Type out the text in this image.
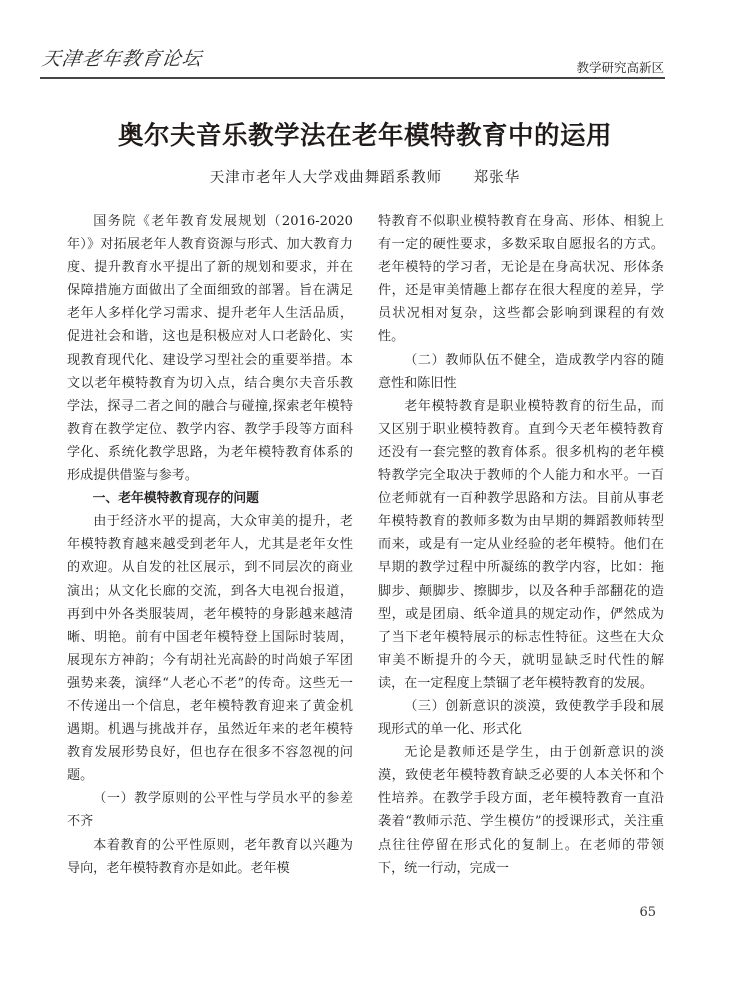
天津老年教育论坛	教学研究高新区
奥尔夫音乐教学法在老年模特教育中的运用
天津市老年人大学戏曲舞蹈系教师 郑张华

国务院《老年教育发展规划（2016-2020年）》对拓展老年人教育资源与形式、加大教育力度、提升教育水平提出了新的规划和要求，并在保障措施方面做出了全面细致的部署。旨在满足老年人多样化学习需求、提升老年人生活品质，促进社会和谐，这也是积极应对人口老龄化、实现教育现代化、建设学习型社会的重要举措。本文以老年模特教育为切入点，结合奥尔夫音乐教学法，探寻二者之间的融合与碰撞,探索老年模特教育在教学定位、教学内容、教学手段等方面科学化、系统化教学思路，为老年模特教育体系的形成提供借鉴与参考。

一、老年模特教育现存的问题

由于经济水平的提高，大众审美的提升，老年模特教育越来越受到老年人，尤其是老年女性的欢迎。从自发的社区展示，到不同层次的商业演出；从文化长廊的交流，到各大电视台报道，再到中外各类服装周，老年模特的身影越来越清晰、明艳。前有中国老年模特登上国际时装周，展现东方神韵；今有胡社光高龄的时尚娘子军团强势来袭，演绎“人老心不老”的传奇。这些无一不传递出一个信息，老年模特教育迎来了黄金机遇期。机遇与挑战并存，虽然近年来的老年模特教育发展形势良好，但也存在很多不容忽视的问题。

（一）教学原则的公平性与学员水平的参差不齐

本着教育的公平性原则，老年教育以兴趣为导向，老年模特教育亦是如此。老年模

特教育不似职业模特教育在身高、形体、相貌上有一定的硬性要求，多数采取自愿报名的方式。老年模特的学习者，无论是在身高状况、形体条件，还是审美情趣上都存在很大程度的差异，学员状况相对复杂，这些都会影响到课程的有效性。

（二）教师队伍不健全，造成教学内容的随意性和陈旧性

老年模特教育是职业模特教育的衍生品，而又区别于职业模特教育。直到今天老年模特教育还没有一套完整的教育体系。很多机构的老年模特教学完全取决于教师的个人能力和水平。一百位老师就有一百种教学思路和方法。目前从事老年模特教育的教师多数为由早期的舞蹈教师转型而来，或是有一定从业经验的老年模特。他们在早期的教学过程中所凝练的教学内容，比如：拖脚步、颠脚步、擦脚步，以及各种手部翻花的造型，或是团扇、纸伞道具的规定动作，俨然成为了当下老年模特展示的标志性特征。这些在大众审美不断提升的今天，就明显缺乏时代性的解读，在一定程度上禁锢了老年模特教育的发展。

（三）创新意识的淡漠，致使教学手段和展现形式的单一化、形式化

无论是教师还是学生，由于创新意识的淡漠，致使老年模特教育缺乏必要的人本关怀和个性培养。在教学手段方面，老年模特教育一直沿袭着“教师示范、学生模仿”的授课形式，关注重点往往停留在形式化的复制上。在老师的带领下，统一行动，完成一

65
